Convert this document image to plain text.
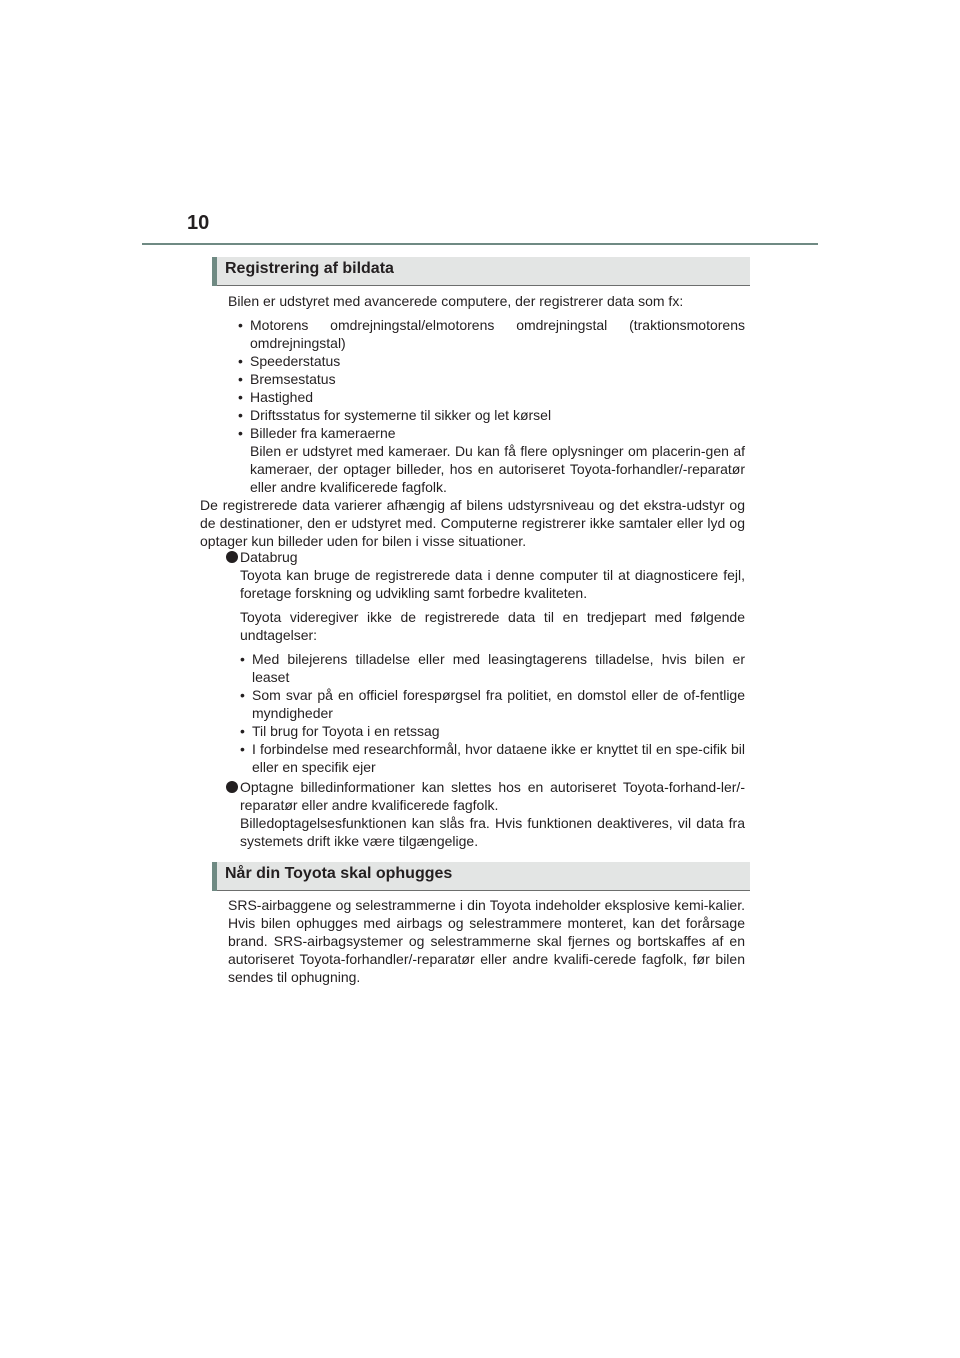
10
Registrering af bildata

Bilen er udstyret med avancerede computere, der registrerer data som fx:

• Motorens omdrejningstal/elmotorens omdrejningstal (traktionsmotorens omdrejningstal)
• Speederstatus
• Bremsestatus
• Hastighed
• Driftsstatus for systemerne til sikker og let kørsel
• Billeder fra kameraerne

Bilen er udstyret med kameraer. Du kan få flere oplysninger om placerin-gen af kameraer, der optager billeder, hos en autoriseret Toyota-forhandler/-reparatør eller andre kvalificerede fagfolk.

De registrerede data varierer afhængig af bilens udstyrsniveau og det ekstra-udstyr og de destinationer, den er udstyret med. Computerne registrerer ikke samtaler eller lyd og optager kun billeder uden for bilen i visse situationer.

Databrug

Toyota kan bruge de registrerede data i denne computer til at diagnosticere fejl, foretage forskning og udvikling samt forbedre kvaliteten.

Toyota videregiver ikke de registrerede data til en tredjepart med følgende undtagelser:

• Med bilejerens tilladelse eller med leasingtagerens tilladelse, hvis bilen er leaset
• Som svar på en officiel forespørgsel fra politiet, en domstol eller de of-fentlige myndigheder
• Til brug for Toyota i en retssag
• I forbindelse med researchformål, hvor dataene ikke er knyttet til en spe-cifik bil eller en specifik ejer

Optagne billedinformationer kan slettes hos en autoriseret Toyota-forhand-ler/-reparatør eller andre kvalificerede fagfolk.

Billedoptagelsesfunktionen kan slås fra. Hvis funktionen deaktiveres, vil data fra systemets drift ikke være tilgængelige.

Når din Toyota skal ophugges

SRS-airbaggene og selestrammerne i din Toyota indeholder eksplosive kemi-kalier. Hvis bilen ophugges med airbags og selestrammere monteret, kan det forårsage brand. SRS-airbagsystemer og selestrammerne skal fjernes og bortskaffes af en autoriseret Toyota-forhandler/-reparatør eller andre kvalifi-cerede fagfolk, før bilen sendes til ophugning.
